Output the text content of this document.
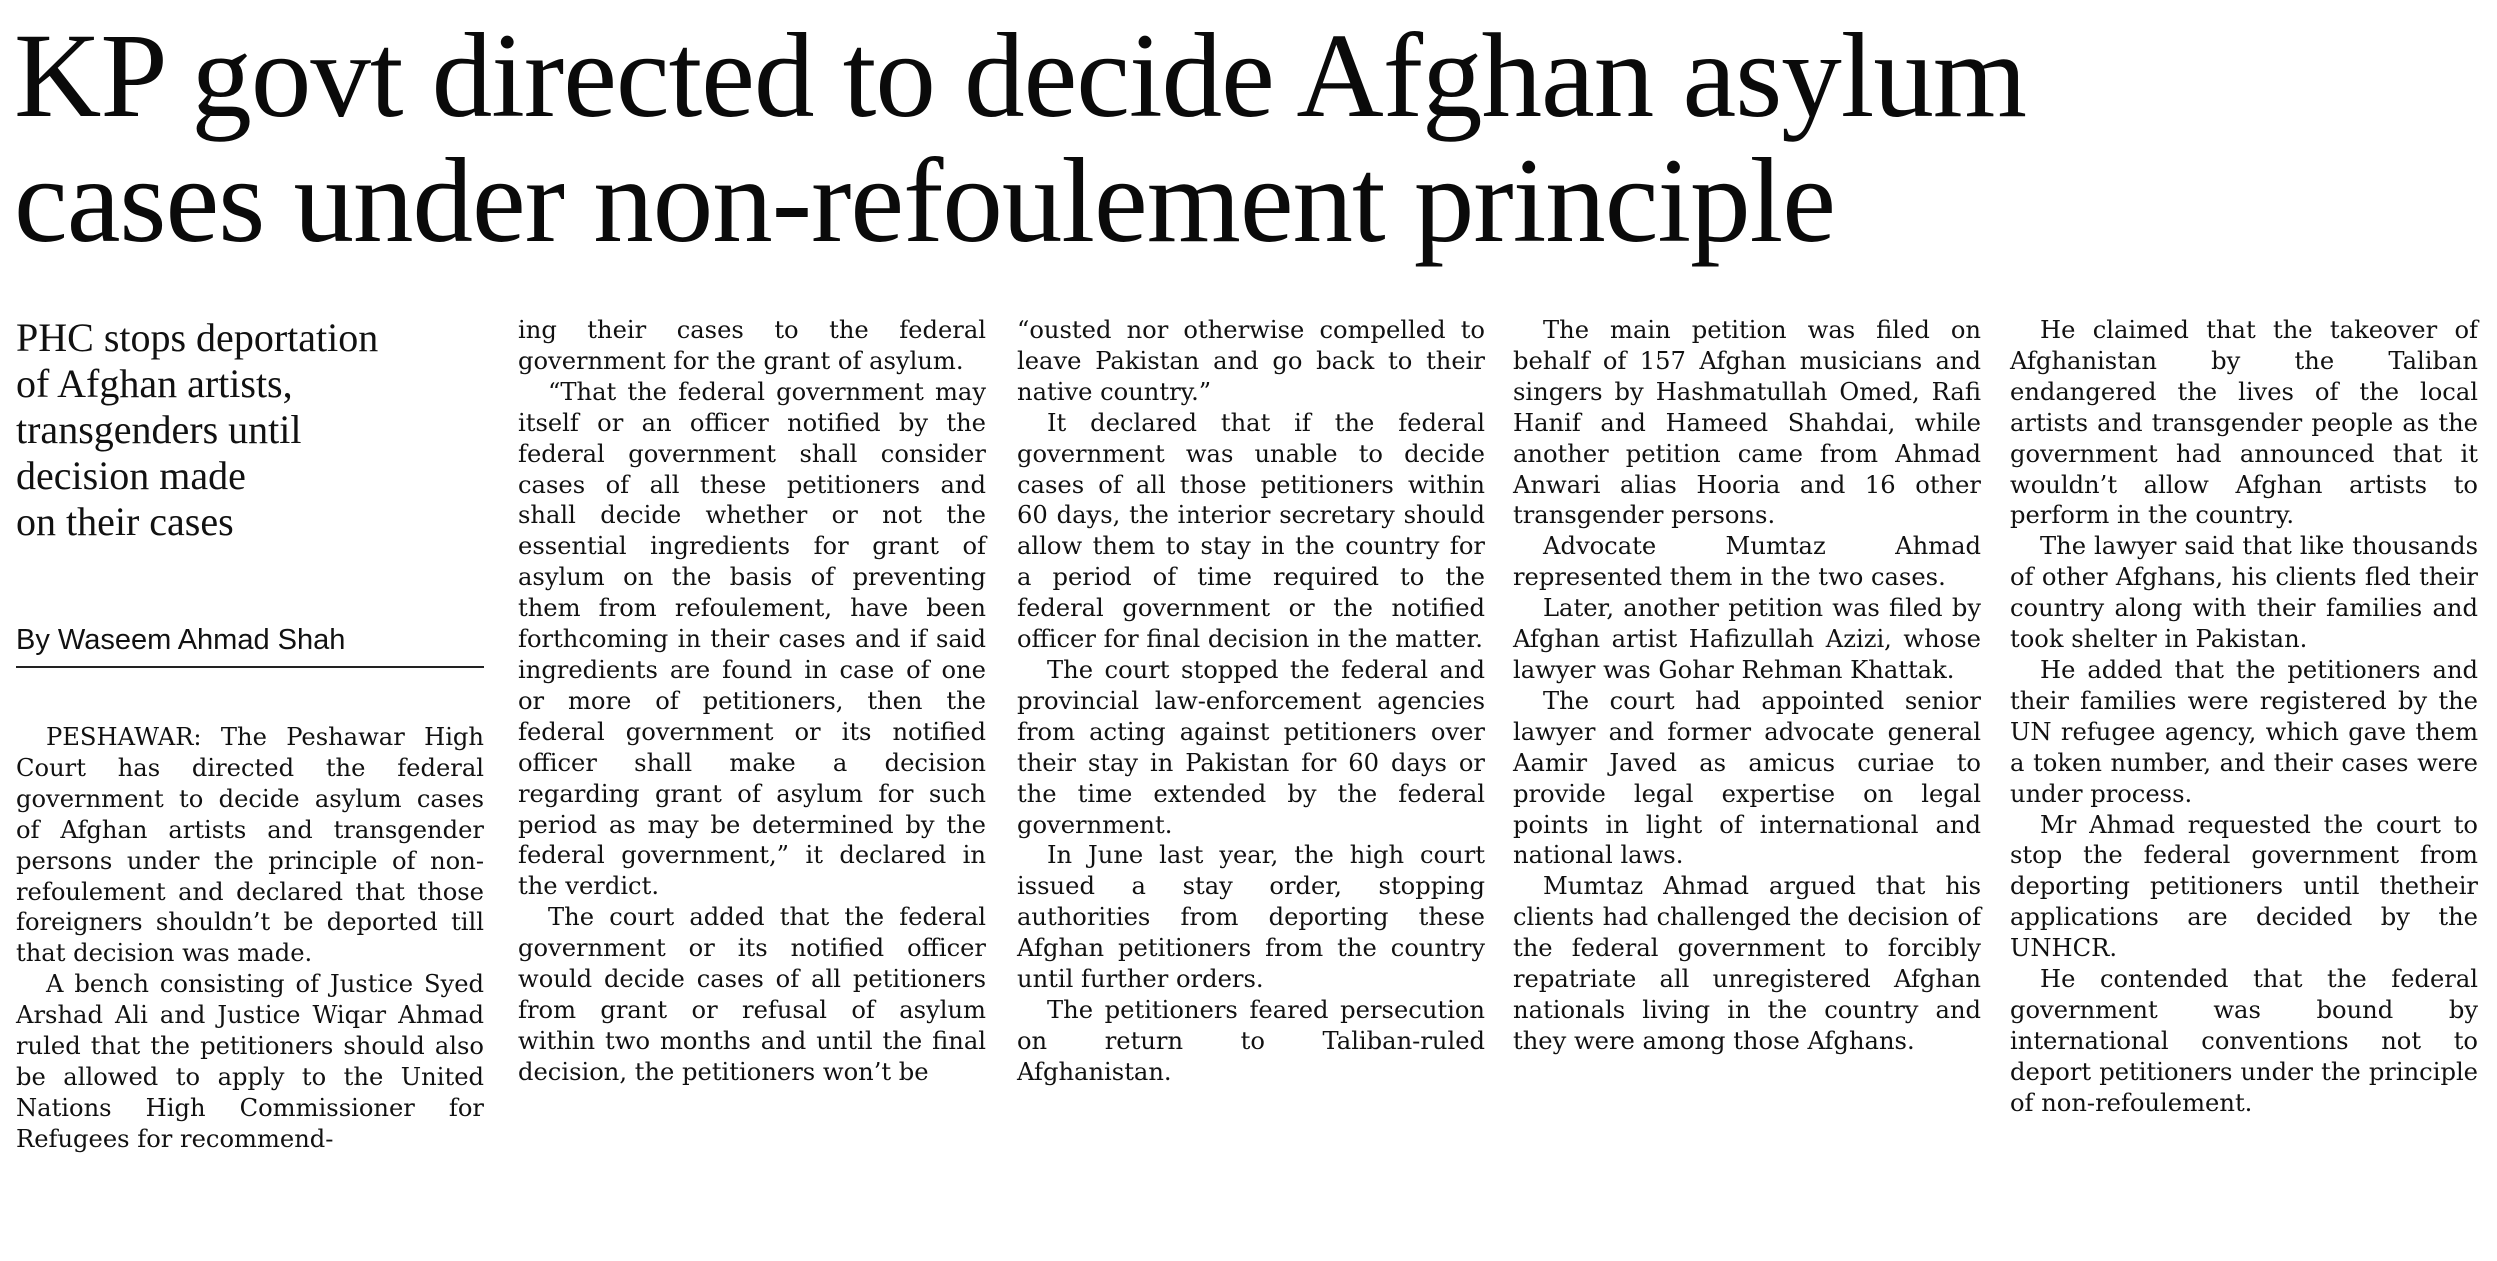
KP govt directed to decide Afghan asylum
cases under non-refoulement principle
PHC stops deportation
of Afghan artists,
transgenders until
decision made
on their cases
By Waseem Ahmad Shah

PESHAWAR: The Peshawar High Court has directed the federal government to decide asylum cases of Afghan artists and transgender persons under the principle of non-refoulement and declared that those foreigners shouldn’t be deported till that decision was made.

A bench consisting of Justice Syed Arshad Ali and Justice Wiqar Ahmad ruled that the petitioners should also be allowed to apply to the United Nations High Commissioner for Refugees for recommend-

ing their cases to the federal government for the grant of asylum.

“That the federal government may itself or an officer notified by the federal government shall consider cases of all these petitioners and shall decide whether or not the essential ingredients for grant of asylum on the basis of preventing them from refoulement, have been forthcoming in their cases and if said ingredients are found in case of one or more of petitioners, then the federal government or its notified officer shall make a decision regarding grant of asylum for such period as may be determined by the federal government,” it declared in the verdict.

The court added that the federal government or its notified officer would decide cases of all petitioners from grant or refusal of asylum within two months and until the final decision, the petitioners won’t be

“ousted nor otherwise compelled to leave Pakistan and go back to their native country.”

It declared that if the federal government was unable to decide cases of all those petitioners within 60 days, the interior secretary should allow them to stay in the country for a period of time required to the federal government or the notified officer for final decision in the matter.

The court stopped the federal and provincial law-enforcement agencies from acting against petitioners over their stay in Pakistan for 60 days or the time extended by the federal government.

In June last year, the high court issued a stay order, stopping authorities from deporting these Afghan petitioners from the country until further orders.

The petitioners feared persecution on return to Taliban-ruled Afghanistan.

The main petition was filed on behalf of 157 Afghan musicians and singers by Hashmatullah Omed, Rafi Hanif and Hameed Shahdai, while another petition came from Ahmad Anwari alias Hooria and 16 other transgender persons.

Advocate Mumtaz Ahmad represented them in the two cases.

Later, another petition was filed by Afghan artist Hafizullah Azizi, whose lawyer was Gohar Rehman Khattak.

The court had appointed senior lawyer and former advocate general Aamir Javed as amicus curiae to provide legal expertise on legal points in light of international and national laws.

Mumtaz Ahmad argued that his clients had challenged the decision of the federal government to forcibly repatriate all unregistered Afghan nationals living in the country and they were among those Afghans.

He claimed that the takeover of Afghanistan by the Taliban endangered the lives of the local artists and transgender people as the government had announced that it wouldn’t allow Afghan artists to perform in the country.

The lawyer said that like thousands of other Afghans, his clients fled their country along with their families and took shelter in Pakistan.

He added that the petitioners and their families were registered by the UN refugee agency, which gave them a token number, and their cases were under process.

Mr Ahmad requested the court to stop the federal government from deporting petitioners until thetheir applications are decided by the UNHCR.

He contended that the federal government was bound by international conventions not to deport petitioners under the principle of non-refoulement.
